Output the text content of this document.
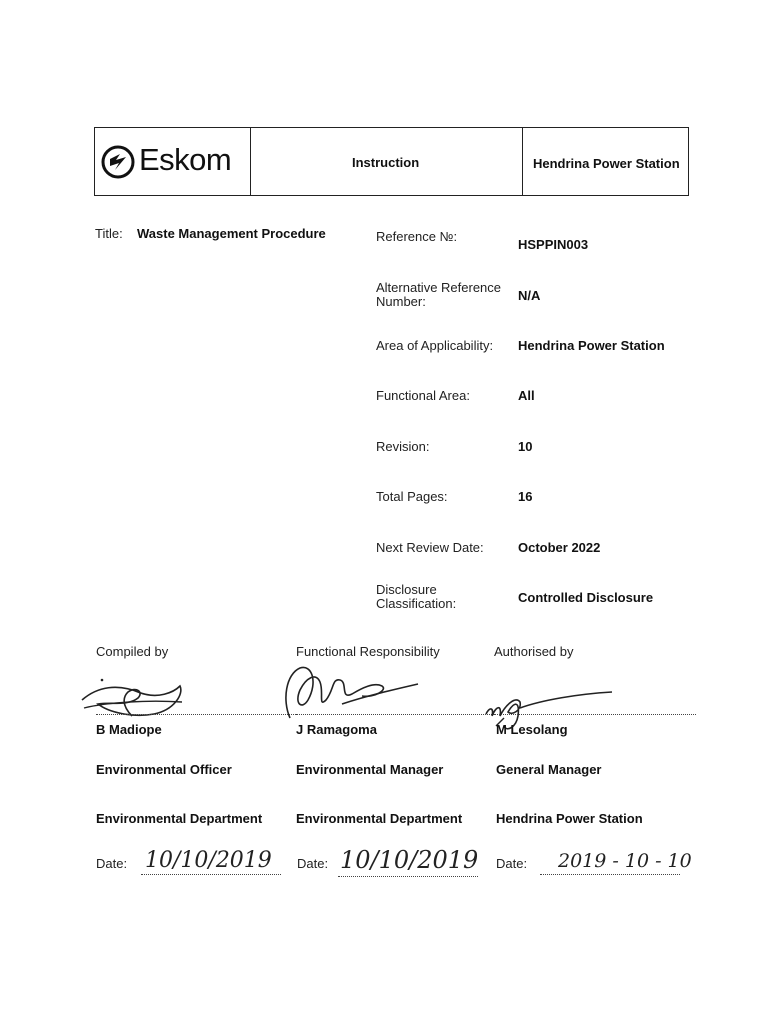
Eskom	Instruction	Hendrina Power Station
Title: Waste Management Procedure	Reference №:
HSPPIN003
Alternative Reference Number:	N/A
Area of Applicability: Hendrina Power Station
Functional Area:	All
Revision:	10
Total Pages:	16
Next Review Date:	October 2022
Disclosure Classification:	Controlled Disclosure
Compiled by
B Madiope
Environmental Officer
Environmental Department
Date: 10/10/2019
Functional Responsibility
J Ramagoma
Environmental Manager
Environmental Department
Date: 10/10/2019
Authorised by
M Lesolang
General Manager
Hendrina Power Station
Date: 2019 - 10 - 10
